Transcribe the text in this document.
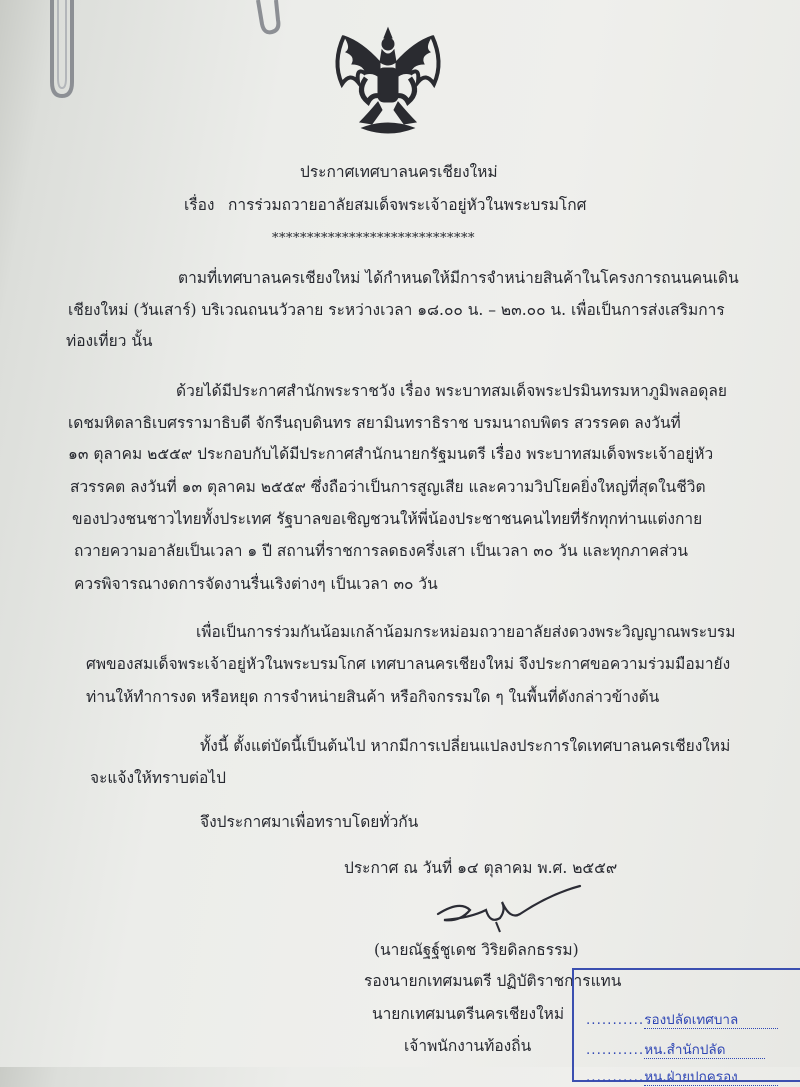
ประกาศเทศบาลนครเชียงใหม่
เรื่อง การร่วมถวายอาลัยสมเด็จพระเจ้าอยู่หัวในพระบรมโกศ
*****************************
ตามที่เทศบาลนครเชียงใหม่ ได้กำหนดให้มีการจำหน่ายสินค้าในโครงการถนนคนเดิน
เชียงใหม่ (วันเสาร์) บริเวณถนนวัวลาย ระหว่างเวลา ๑๘.๐๐ น. – ๒๓.๐๐ น. เพื่อเป็นการส่งเสริมการ
ท่องเที่ยว นั้น
ด้วยได้มีประกาศสำนักพระราชวัง เรื่อง พระบาทสมเด็จพระปรมินทรมหาภูมิพลอดุลย
เดชมหิตลาธิเบศรรามาธิบดี จักรีนฤบดินทร สยามินทราธิราช บรมนาถบพิตร สวรรคต ลงวันที่
๑๓ ตุลาคม ๒๕๕๙ ประกอบกับได้มีประกาศสำนักนายกรัฐมนตรี เรื่อง พระบาทสมเด็จพระเจ้าอยู่หัว
สวรรคต ลงวันที่ ๑๓ ตุลาคม ๒๕๕๙ ซึ่งถือว่าเป็นการสูญเสีย และความวิปโยคยิ่งใหญ่ที่สุดในชีวิต
ของปวงชนชาวไทยทั้งประเทศ รัฐบาลขอเชิญชวนให้พี่น้องประชาชนคนไทยที่รักทุกท่านแต่งกาย
ถวายความอาลัยเป็นเวลา ๑ ปี สถานที่ราชการลดธงครึ่งเสา เป็นเวลา ๓๐ วัน และทุกภาคส่วน
ควรพิจารณางดการจัดงานรื่นเริงต่างๆ เป็นเวลา ๓๐ วัน
เพื่อเป็นการร่วมกันน้อมเกล้าน้อมกระหม่อมถวายอาลัยส่งดวงพระวิญญาณพระบรม
ศพของสมเด็จพระเจ้าอยู่หัวในพระบรมโกศ เทศบาลนครเชียงใหม่ จึงประกาศขอความร่วมมือมายัง
ท่านให้ทำการงด หรือหยุด การจำหน่ายสินค้า หรือกิจกรรมใด ๆ ในพื้นที่ดังกล่าวข้างต้น
ทั้งนี้ ตั้งแต่บัดนี้เป็นต้นไป หากมีการเปลี่ยนแปลงประการใดเทศบาลนครเชียงใหม่
จะแจ้งให้ทราบต่อไป
จึงประกาศมาเพื่อทราบโดยทั่วกัน
ประกาศ ณ วันที่ ๑๔ ตุลาคม พ.ศ. ๒๕๕๙
(นายณัฐฐ์ชูเดช วิริยดิลกธรรม)
รองนายกเทศมนตรี ปฏิบัติราชการแทน
นายกเทศมนตรีนครเชียงใหม่
เจ้าพนักงานท้องถิ่น
...........รองปลัดเทศบาล
...........หน.สำนักปลัด
...........หน.ฝ่ายปกครอง
